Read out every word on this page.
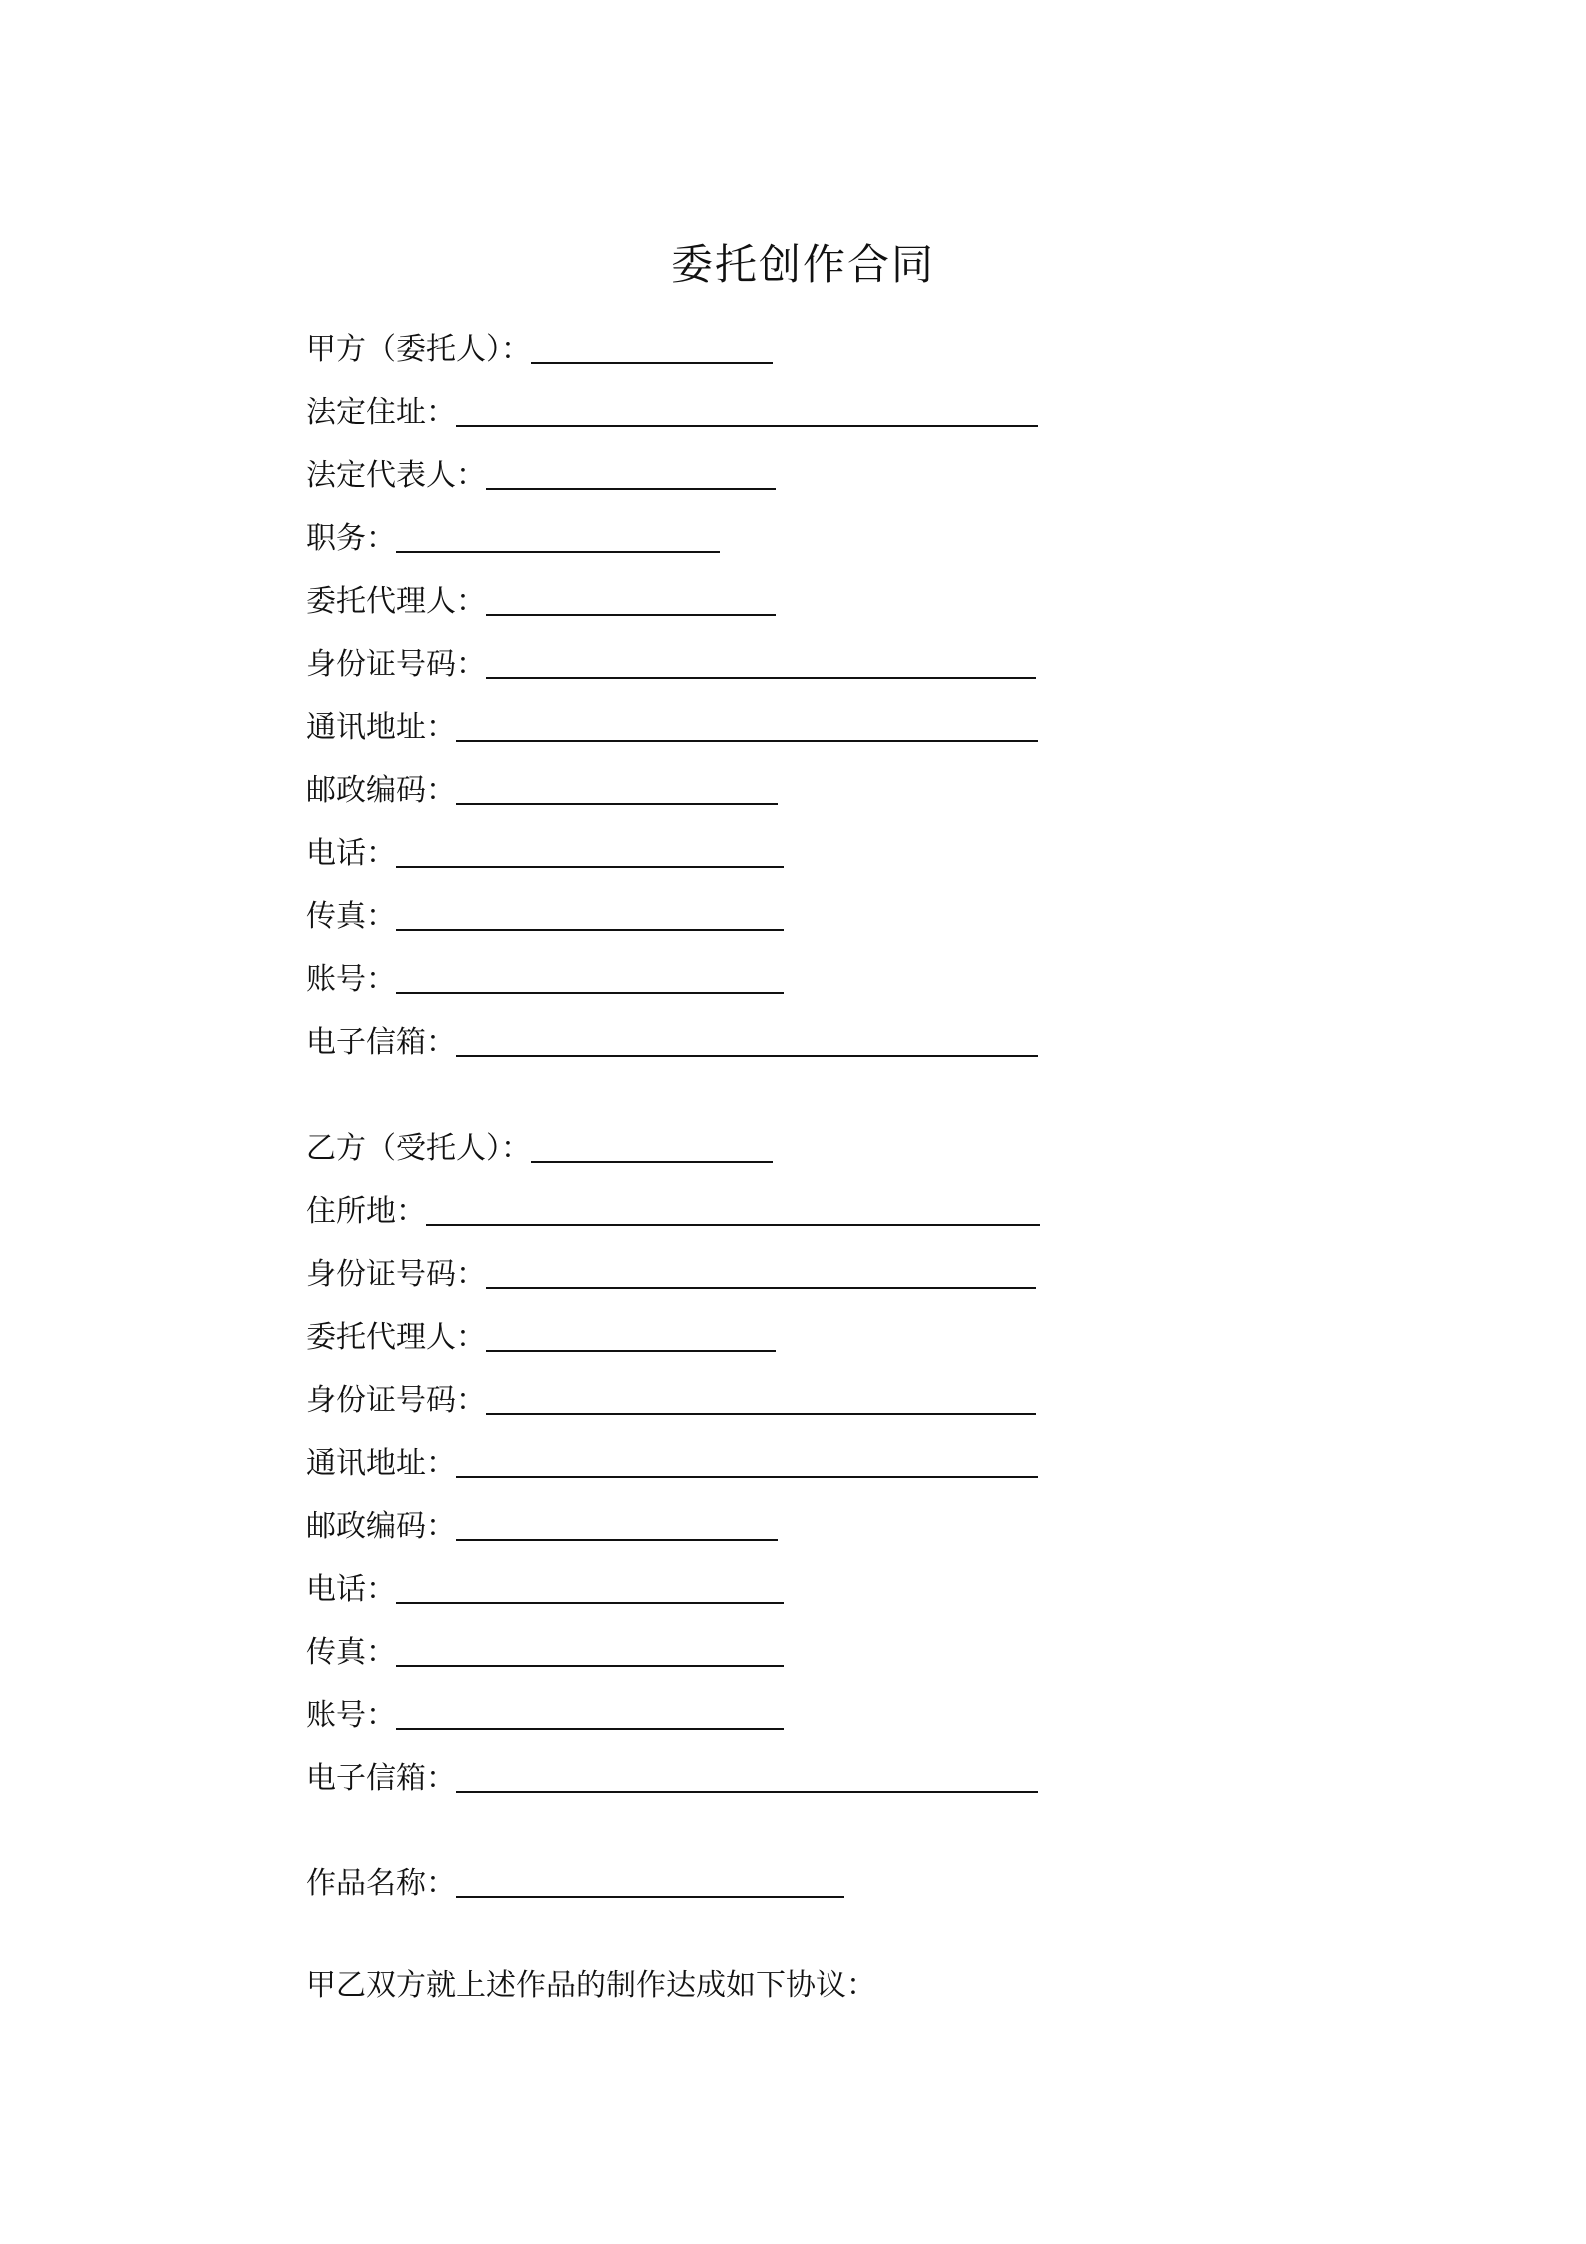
委托创作合同
甲方（委托人）：
法定住址：
法定代表人：
职务：
委托代理人：
身份证号码：
通讯地址：
邮政编码：
电话：
传真：
账号：
电子信箱：
乙方（受托人）：
住所地：
身份证号码：
委托代理人：
身份证号码：
通讯地址：
邮政编码：
电话：
传真：
账号：
电子信箱：
作品名称：
甲乙双方就上述作品的制作达成如下协议：
